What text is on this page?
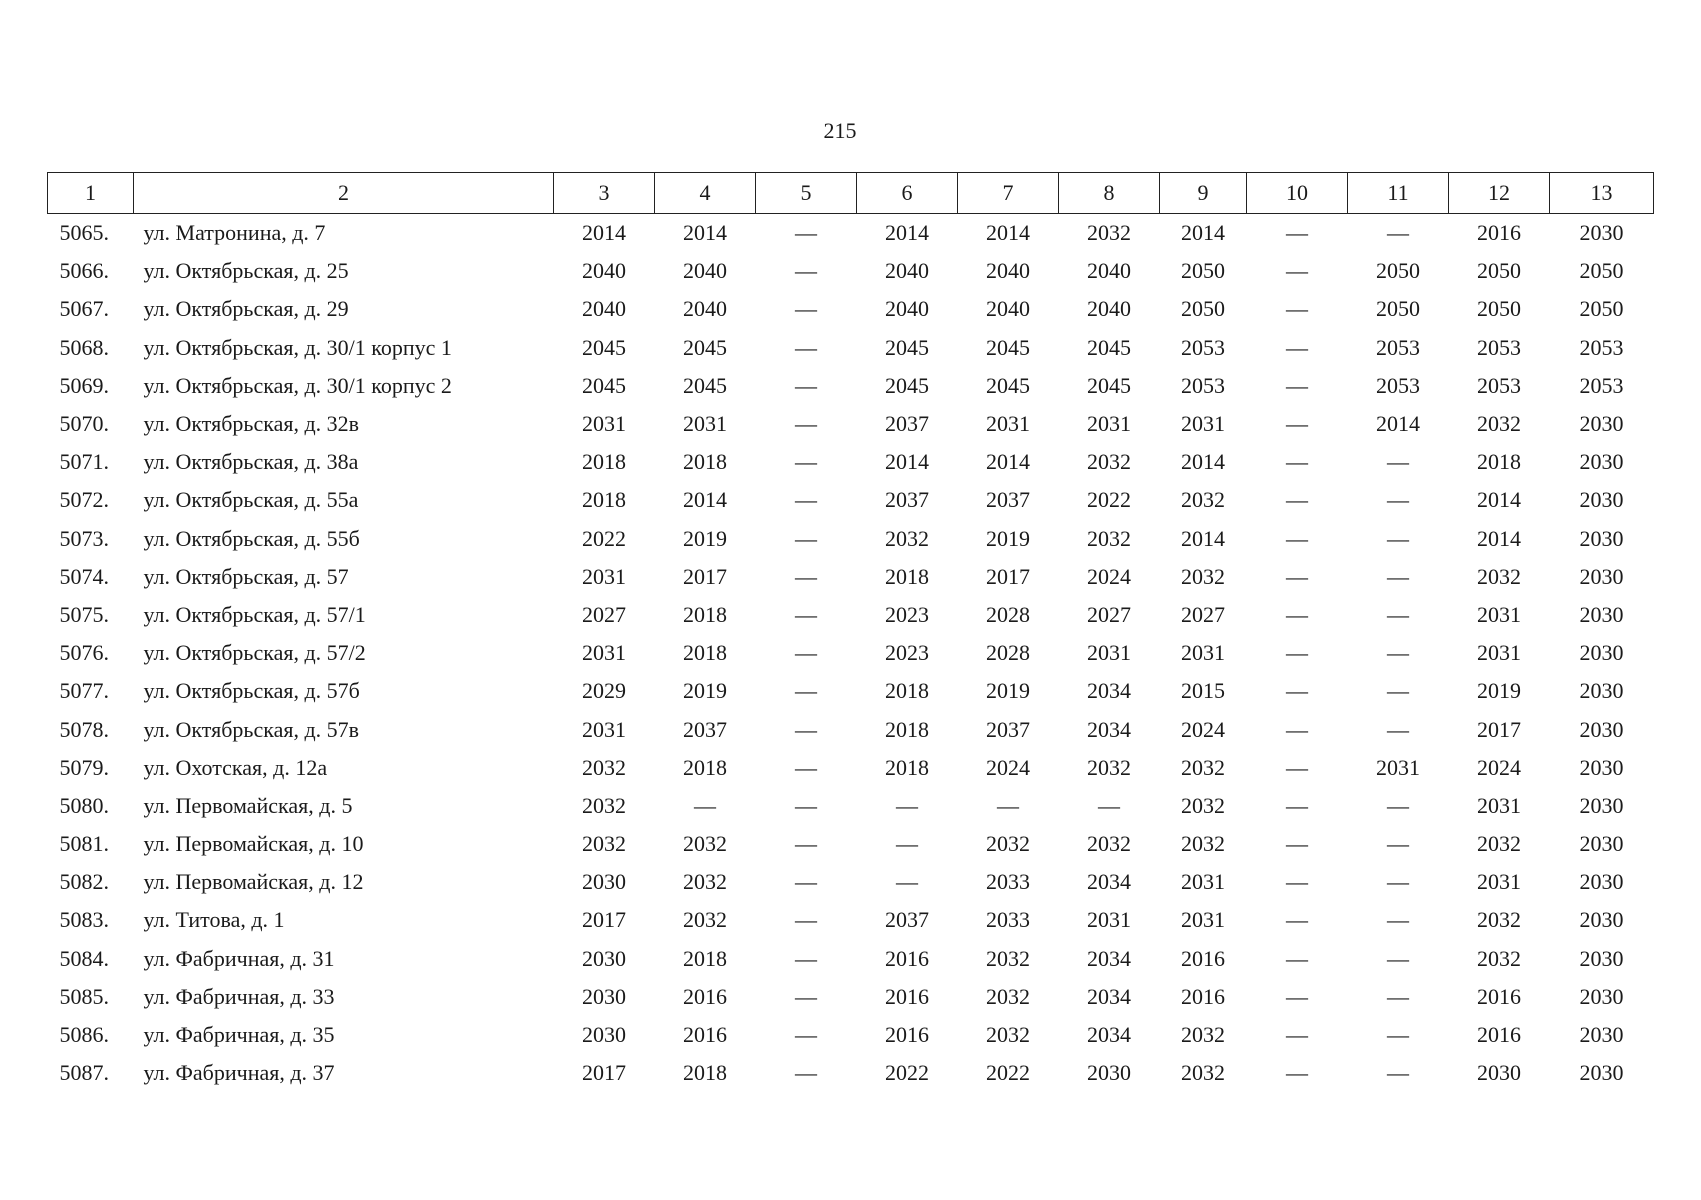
215
1	2	3	4	5	6	7	8	9	10	11	12	13
5065.	ул. Матронина, д. 7	2014	2014	—	2014	2014	2032	2014	—	—	2016	2030
5066.	ул. Октябрьская, д. 25	2040	2040	—	2040	2040	2040	2050	—	2050	2050	2050
5067.	ул. Октябрьская, д. 29	2040	2040	—	2040	2040	2040	2050	—	2050	2050	2050
5068.	ул. Октябрьская, д. 30/1 корпус 1	2045	2045	—	2045	2045	2045	2053	—	2053	2053	2053
5069.	ул. Октябрьская, д. 30/1 корпус 2	2045	2045	—	2045	2045	2045	2053	—	2053	2053	2053
5070.	ул. Октябрьская, д. 32в	2031	2031	—	2037	2031	2031	2031	—	2014	2032	2030
5071.	ул. Октябрьская, д. 38а	2018	2018	—	2014	2014	2032	2014	—	—	2018	2030
5072.	ул. Октябрьская, д. 55а	2018	2014	—	2037	2037	2022	2032	—	—	2014	2030
5073.	ул. Октябрьская, д. 55б	2022	2019	—	2032	2019	2032	2014	—	—	2014	2030
5074.	ул. Октябрьская, д. 57	2031	2017	—	2018	2017	2024	2032	—	—	2032	2030
5075.	ул. Октябрьская, д. 57/1	2027	2018	—	2023	2028	2027	2027	—	—	2031	2030
5076.	ул. Октябрьская, д. 57/2	2031	2018	—	2023	2028	2031	2031	—	—	2031	2030
5077.	ул. Октябрьская, д. 57б	2029	2019	—	2018	2019	2034	2015	—	—	2019	2030
5078.	ул. Октябрьская, д. 57в	2031	2037	—	2018	2037	2034	2024	—	—	2017	2030
5079.	ул. Охотская, д. 12а	2032	2018	—	2018	2024	2032	2032	—	2031	2024	2030
5080.	ул. Первомайская, д. 5	2032	—	—	—	—	—	2032	—	—	2031	2030
5081.	ул. Первомайская, д. 10	2032	2032	—	—	2032	2032	2032	—	—	2032	2030
5082.	ул. Первомайская, д. 12	2030	2032	—	—	2033	2034	2031	—	—	2031	2030
5083.	ул. Титова, д. 1	2017	2032	—	2037	2033	2031	2031	—	—	2032	2030
5084.	ул. Фабричная, д. 31	2030	2018	—	2016	2032	2034	2016	—	—	2032	2030
5085.	ул. Фабричная, д. 33	2030	2016	—	2016	2032	2034	2016	—	—	2016	2030
5086.	ул. Фабричная, д. 35	2030	2016	—	2016	2032	2034	2032	—	—	2016	2030
5087.	ул. Фабричная, д. 37	2017	2018	—	2022	2022	2030	2032	—	—	2030	2030
